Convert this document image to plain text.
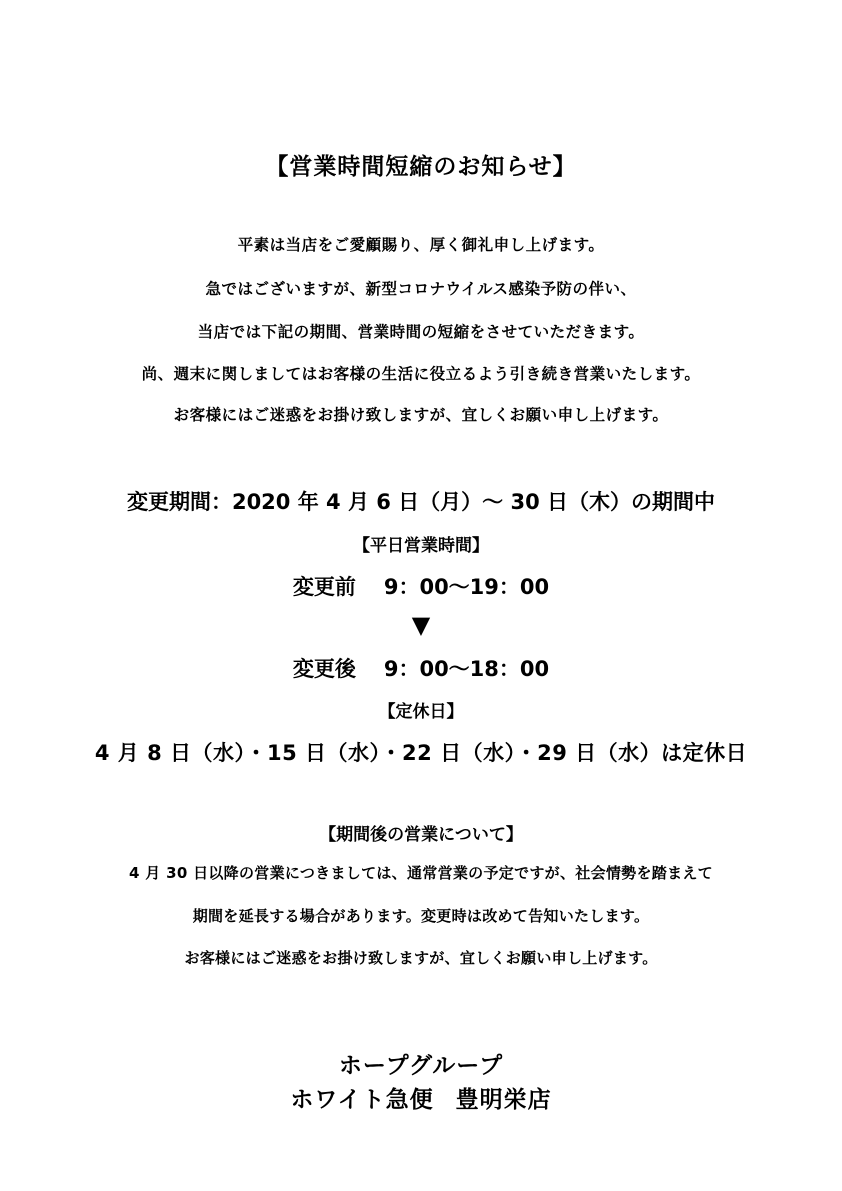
【営業時間短縮のお知らせ】
平素は当店をご愛顧賜り、厚く御礼申し上げます。
急ではございますが、新型コロナウイルス感染予防の伴い、
当店では下記の期間、営業時間の短縮をさせていただきます。
尚、週末に関しましてはお客様の生活に役立るよう引き続き営業いたします。
お客様にはご迷惑をお掛け致しますが、宜しくお願い申し上げます。
変更期間：2020 年 4 月 6 日（月）～ 30 日（木）の期間中
【平日営業時間】
変更前 9：00～19：00
▼
変更後 9：00～18：00
【定休日】
4 月 8 日（水）・15 日（水）・22 日（水）・29 日（水）は定休日
【期間後の営業について】
4 月 30 日以降の営業につきましては、通常営業の予定ですが、社会情勢を踏まえて
期間を延長する場合があります。変更時は改めて告知いたします。
お客様にはご迷惑をお掛け致しますが、宜しくお願い申し上げます。
ホープグループ
ホワイト急便 豊明栄店
